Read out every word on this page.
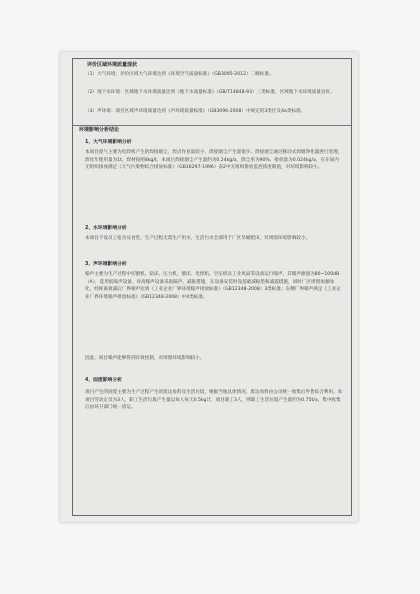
评价区域环境质量现状
（1）大气环境：评价区域大气环境达到《环境空气质量标准》（GB3095-2012）二级标准。
（2）地下水环境：区域地下水环境质量达到《地下水质量标准》（GB/T14848-93）三类标准，区域地下水环境质量良好。
（3）声环境：项目区域声环境质量达到《声环境质量标准》（GB3096-2008）中规定的3类区及4a类标准。
环境影响分析结论
1、大气环境影响分析
本项目废气主要为电焊机产生的焊接烟尘，焊点作业量较小，焊接烟尘产生量很少。焊接烟尘通过移动式焊烟净化器进行处理，焊丝年使用量为1t，焊材按照8kg/t，本项目焊接烟尘产生量约为0.24kg/a，除尘率为90%，排放量为0.024kg/a，在车间内无组织排放满足《大气污染物综合排放标准》（GB16297-1996）表2中无组织排放监控浓度限值，对环境影响较小。
2、水环境影响分析
本项目不设员工宿舍及食堂，生产过程无需生产用水，生活污水全部用于厂区旱厕肥田，对周围环境影响较小。
3、声环境影响分析
噪声主要为生产过程中切割机、钻床、压力机、刨床、电焊机、空压机及工业风扇等设备运行噪声，其噪声源强为80~100dB（A），选用低噪声设备，对高噪声设备采取隔声、减振措施，在设备安装时设基础减振垫和减震措施，同时厂区周围加强绿化，经距离衰减后厂界噪声达到《工业企业厂界环境噪声排放标准》（GB12348-2008）3类标准；东侧厂界噪声满足《工业企业厂界环境噪声排放标准》（GB12348-2008）中4类标准。
因此，项目噪声能够得到有效控制，对周围环境影响较小。
4、固废影响分析
项目产生的固废主要为生产过程产生的废边角料及生活垃圾，根据当地具体情况，废边角料由公司统一收集后外售综合利用。本项目劳动定员为3人，职工生活垃圾产生量以每人每天0.5kg计，项目职工3人，则职工生活垃圾产生量约为0.75t/a，集中收集后由环卫部门统一清运。
